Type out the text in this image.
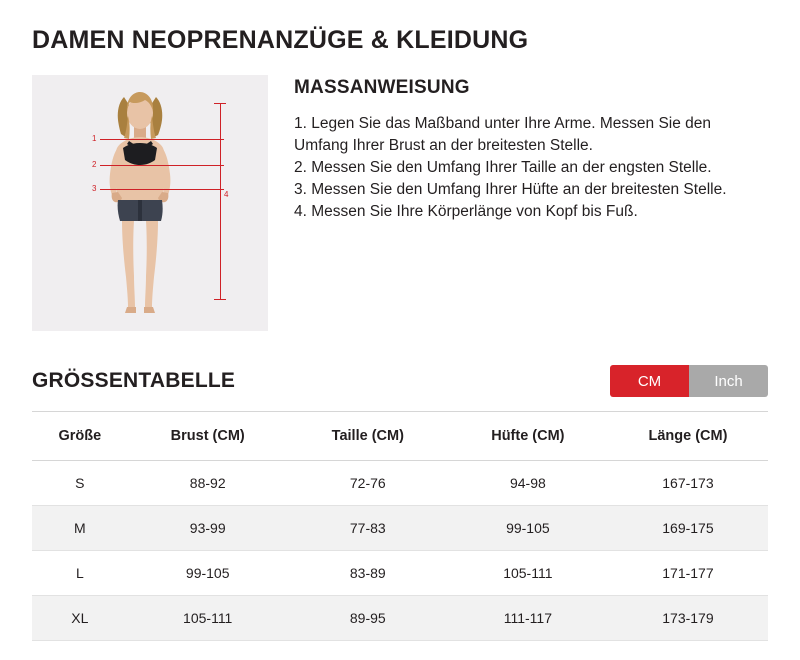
DAMEN NEOPRENANZÜGE & KLEIDUNG
1
2
3
4
MASSANWEISUNG

1. Legen Sie das Maßband unter Ihre Arme. Messen Sie den Umfang Ihrer Brust an der breitesten Stelle.

2. Messen Sie den Umfang Ihrer Taille an der engsten Stelle.

3. Messen Sie den Umfang Ihrer Hüfte an der breitesten Stelle.

4. Messen Sie Ihre Körperlänge von Kopf bis Fuß.

GRÖSSENTABELLE	CM	Inch
Größe	Brust (CM)	Taille (CM)	Hüfte (CM)	Länge (CM)
S	88-92	72-76	94-98	167-173
M	93-99	77-83	99-105	169-175
L	99-105	83-89	105-111	171-177
XL	105-111	89-95	111-117	173-179
